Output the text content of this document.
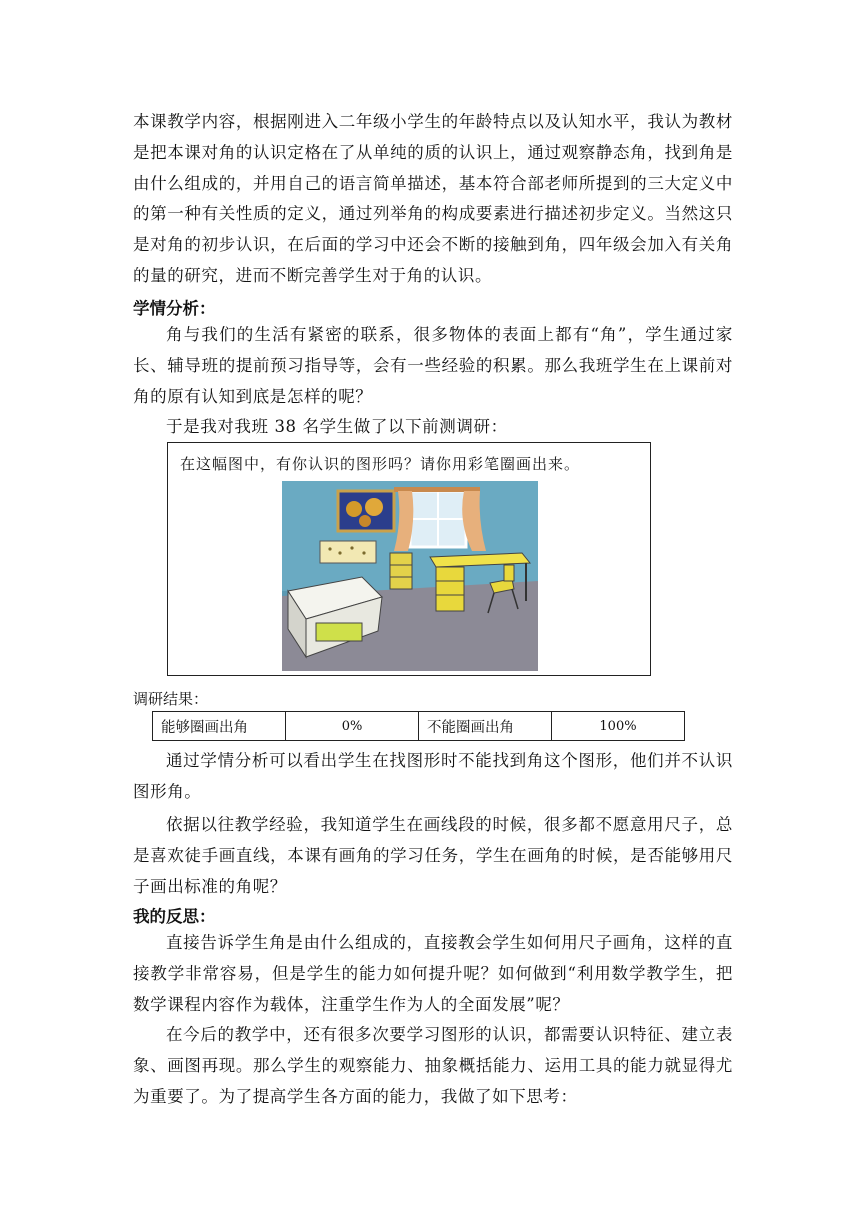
本课教学内容，根据刚进入二年级小学生的年龄特点以及认知水平，我认为教材是把本课对角的认识定格在了从单纯的质的认识上，通过观察静态角，找到角是由什么组成的，并用自己的语言简单描述，基本符合部老师所提到的三大定义中的第一种有关性质的定义，通过列举角的构成要素进行描述初步定义。当然这只是对角的初步认识，在后面的学习中还会不断的接触到角，四年级会加入有关角的量的研究，进而不断完善学生对于角的认识。

学情分析：

角与我们的生活有紧密的联系，很多物体的表面上都有“角”，学生通过家长、辅导班的提前预习指导等，会有一些经验的积累。那么我班学生在上课前对角的原有认知到底是怎样的呢？

于是我对我班 38 名学生做了以下前测调研：

在这幅图中，有你认识的图形吗？请你用彩笔圈画出来。
调研结果：
能够圈画出角	0%	不能圈画出角	100%

通过学情分析可以看出学生在找图形时不能找到角这个图形，他们并不认识图形角。

依据以往教学经验，我知道学生在画线段的时候，很多都不愿意用尺子，总是喜欢徒手画直线，本课有画角的学习任务，学生在画角的时候，是否能够用尺子画出标准的角呢？

我的反思：

直接告诉学生角是由什么组成的，直接教会学生如何用尺子画角，这样的直接教学非常容易，但是学生的能力如何提升呢？如何做到“利用数学教学生，把数学课程内容作为载体，注重学生作为人的全面发展”呢？

在今后的教学中，还有很多次要学习图形的认识，都需要认识特征、建立表象、画图再现。那么学生的观察能力、抽象概括能力、运用工具的能力就显得尤为重要了。为了提高学生各方面的能力，我做了如下思考：
